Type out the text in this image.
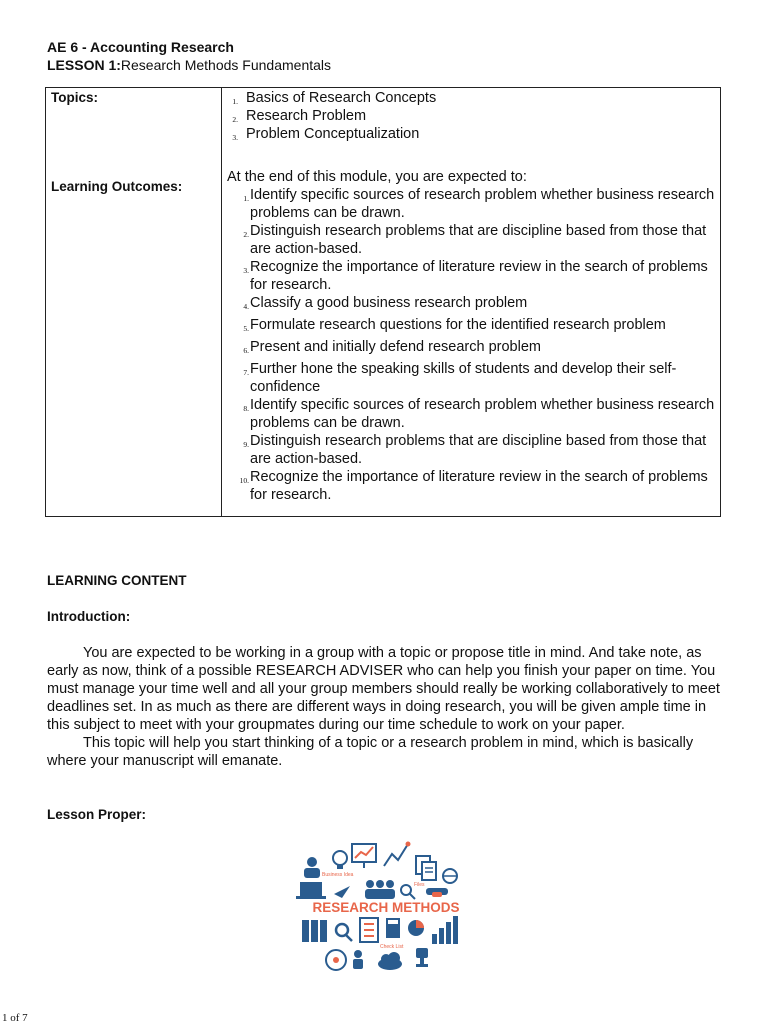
AE 6 - Accounting Research
LESSON 1:Research Methods Fundamentals
Topics:
Learning Outcomes:
1. Basics of Research Concepts
2. Research Problem
3. Problem Conceptualization
At the end of this module, you are expected to:
1. Identify specific sources of research problem whether business research problems can be drawn.
2. Distinguish research problems that are discipline based from those that are action-based.
3. Recognize the importance of literature review in the search of problems for research.
4. Classify a good business research problem
5. Formulate research questions for the identified research problem
6. Present and initially defend research problem
7. Further hone the speaking skills of students and develop their self-confidence
8. Identify specific sources of research problem whether business research problems can be drawn.
9. Distinguish research problems that are discipline based from those that are action-based.
10. Recognize the importance of literature review in the search of problems for research.
LEARNING CONTENT
Introduction:

You are expected to be working in a group with a topic or propose title in mind. And take note, as early as now, think of a possible RESEARCH ADVISER who can help you finish your paper on time. You must manage your time well and all your group members should really be working collaboratively to meet deadlines set. In as much as there are different ways in doing research, you will be given ample time in this subject to meet with your groupmates during our time schedule to work on your paper.

This topic will help you start thinking of a topic or a research problem in mind, which is basically where your manuscript will emanate.

Lesson Proper:
Business Idea
Files
RESEARCH METHODS
Check List
1 of 7
